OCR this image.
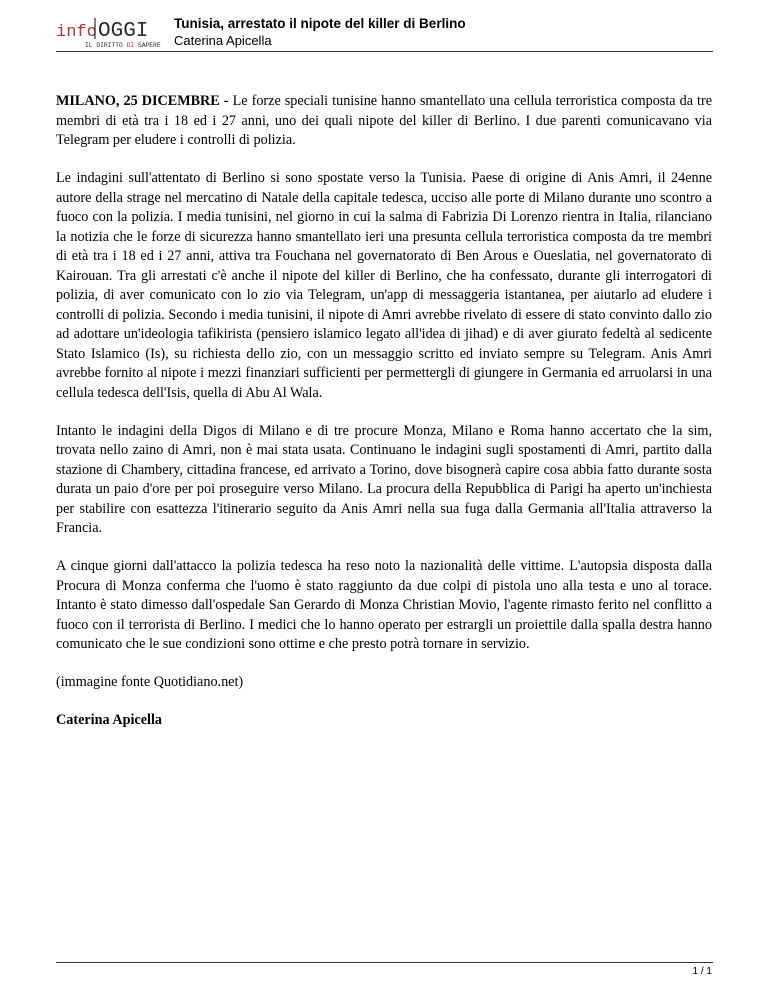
info OGGI
IL DIRITTO DI SAPERE
Tunisia, arrestato il nipote del killer di Berlino
Caterina Apicella

MILANO, 25 DICEMBRE - Le forze speciali tunisine hanno smantellato una cellula terroristica composta da tre membri di età tra i 18 ed i 27 anni, uno dei quali nipote del killer di Berlino. I due parenti comunicavano via Telegram per eludere i controlli di polizia.

Le indagini sull'attentato di Berlino si sono spostate verso la Tunisia. Paese di origine di Anis Amri, il 24enne autore della strage nel mercatino di Natale della capitale tedesca, ucciso alle porte di Milano durante uno scontro a fuoco con la polizia. I media tunisini, nel giorno in cui la salma di Fabrizia Di Lorenzo rientra in Italia, rilanciano la notizia che le forze di sicurezza hanno smantellato ieri una presunta cellula terroristica composta da tre membri di età tra i 18 ed i 27 anni, attiva tra Fouchana nel governatorato di Ben Arous e Oueslatia, nel governatorato di Kairouan. Tra gli arrestati c'è anche il nipote del killer di Berlino, che ha confessato, durante gli interrogatori di polizia, di aver comunicato con lo zio via Telegram, un'app di messaggeria istantanea, per aiutarlo ad eludere i controlli di polizia. Secondo i media tunisini, il nipote di Amri avrebbe rivelato di essere di stato convinto dallo zio ad adottare un'ideologia tafikirista (pensiero islamico legato all'idea di jihad) e di aver giurato fedeltà al sedicente Stato Islamico (Is), su richiesta dello zio, con un messaggio scritto ed inviato sempre su Telegram. Anis Amri avrebbe fornito al nipote i mezzi finanziari sufficienti per permettergli di giungere in Germania ed arruolarsi in una cellula tedesca dell'Isis, quella di Abu Al Wala.

Intanto le indagini della Digos di Milano e di tre procure Monza, Milano e Roma hanno accertato che la sim, trovata nello zaino di Amri, non è mai stata usata. Continuano le indagini sugli spostamenti di Amri, partito dalla stazione di Chambery, cittadina francese, ed arrivato a Torino, dove bisognerà capire cosa abbia fatto durante sosta durata un paio d'ore per poi proseguire verso Milano. La procura della Repubblica di Parigi ha aperto un'inchiesta per stabilire con esattezza l'itinerario seguito da Anis Amri nella sua fuga dalla Germania all'Italia attraverso la Francia.

A cinque giorni dall'attacco la polizia tedesca ha reso noto la nazionalità delle vittime. L'autopsia disposta dalla Procura di Monza conferma che l'uomo è stato raggiunto da due colpi di pistola uno alla testa e uno al torace. Intanto è stato dimesso dall'ospedale San Gerardo di Monza Christian Movio, l'agente rimasto ferito nel conflitto a fuoco con il terrorista di Berlino. I medici che lo hanno operato per estrargli un proiettile dalla spalla destra hanno comunicato che le sue condizioni sono ottime e che presto potrà tornare in servizio.

(immagine fonte Quotidiano.net)

Caterina Apicella

1 / 1
